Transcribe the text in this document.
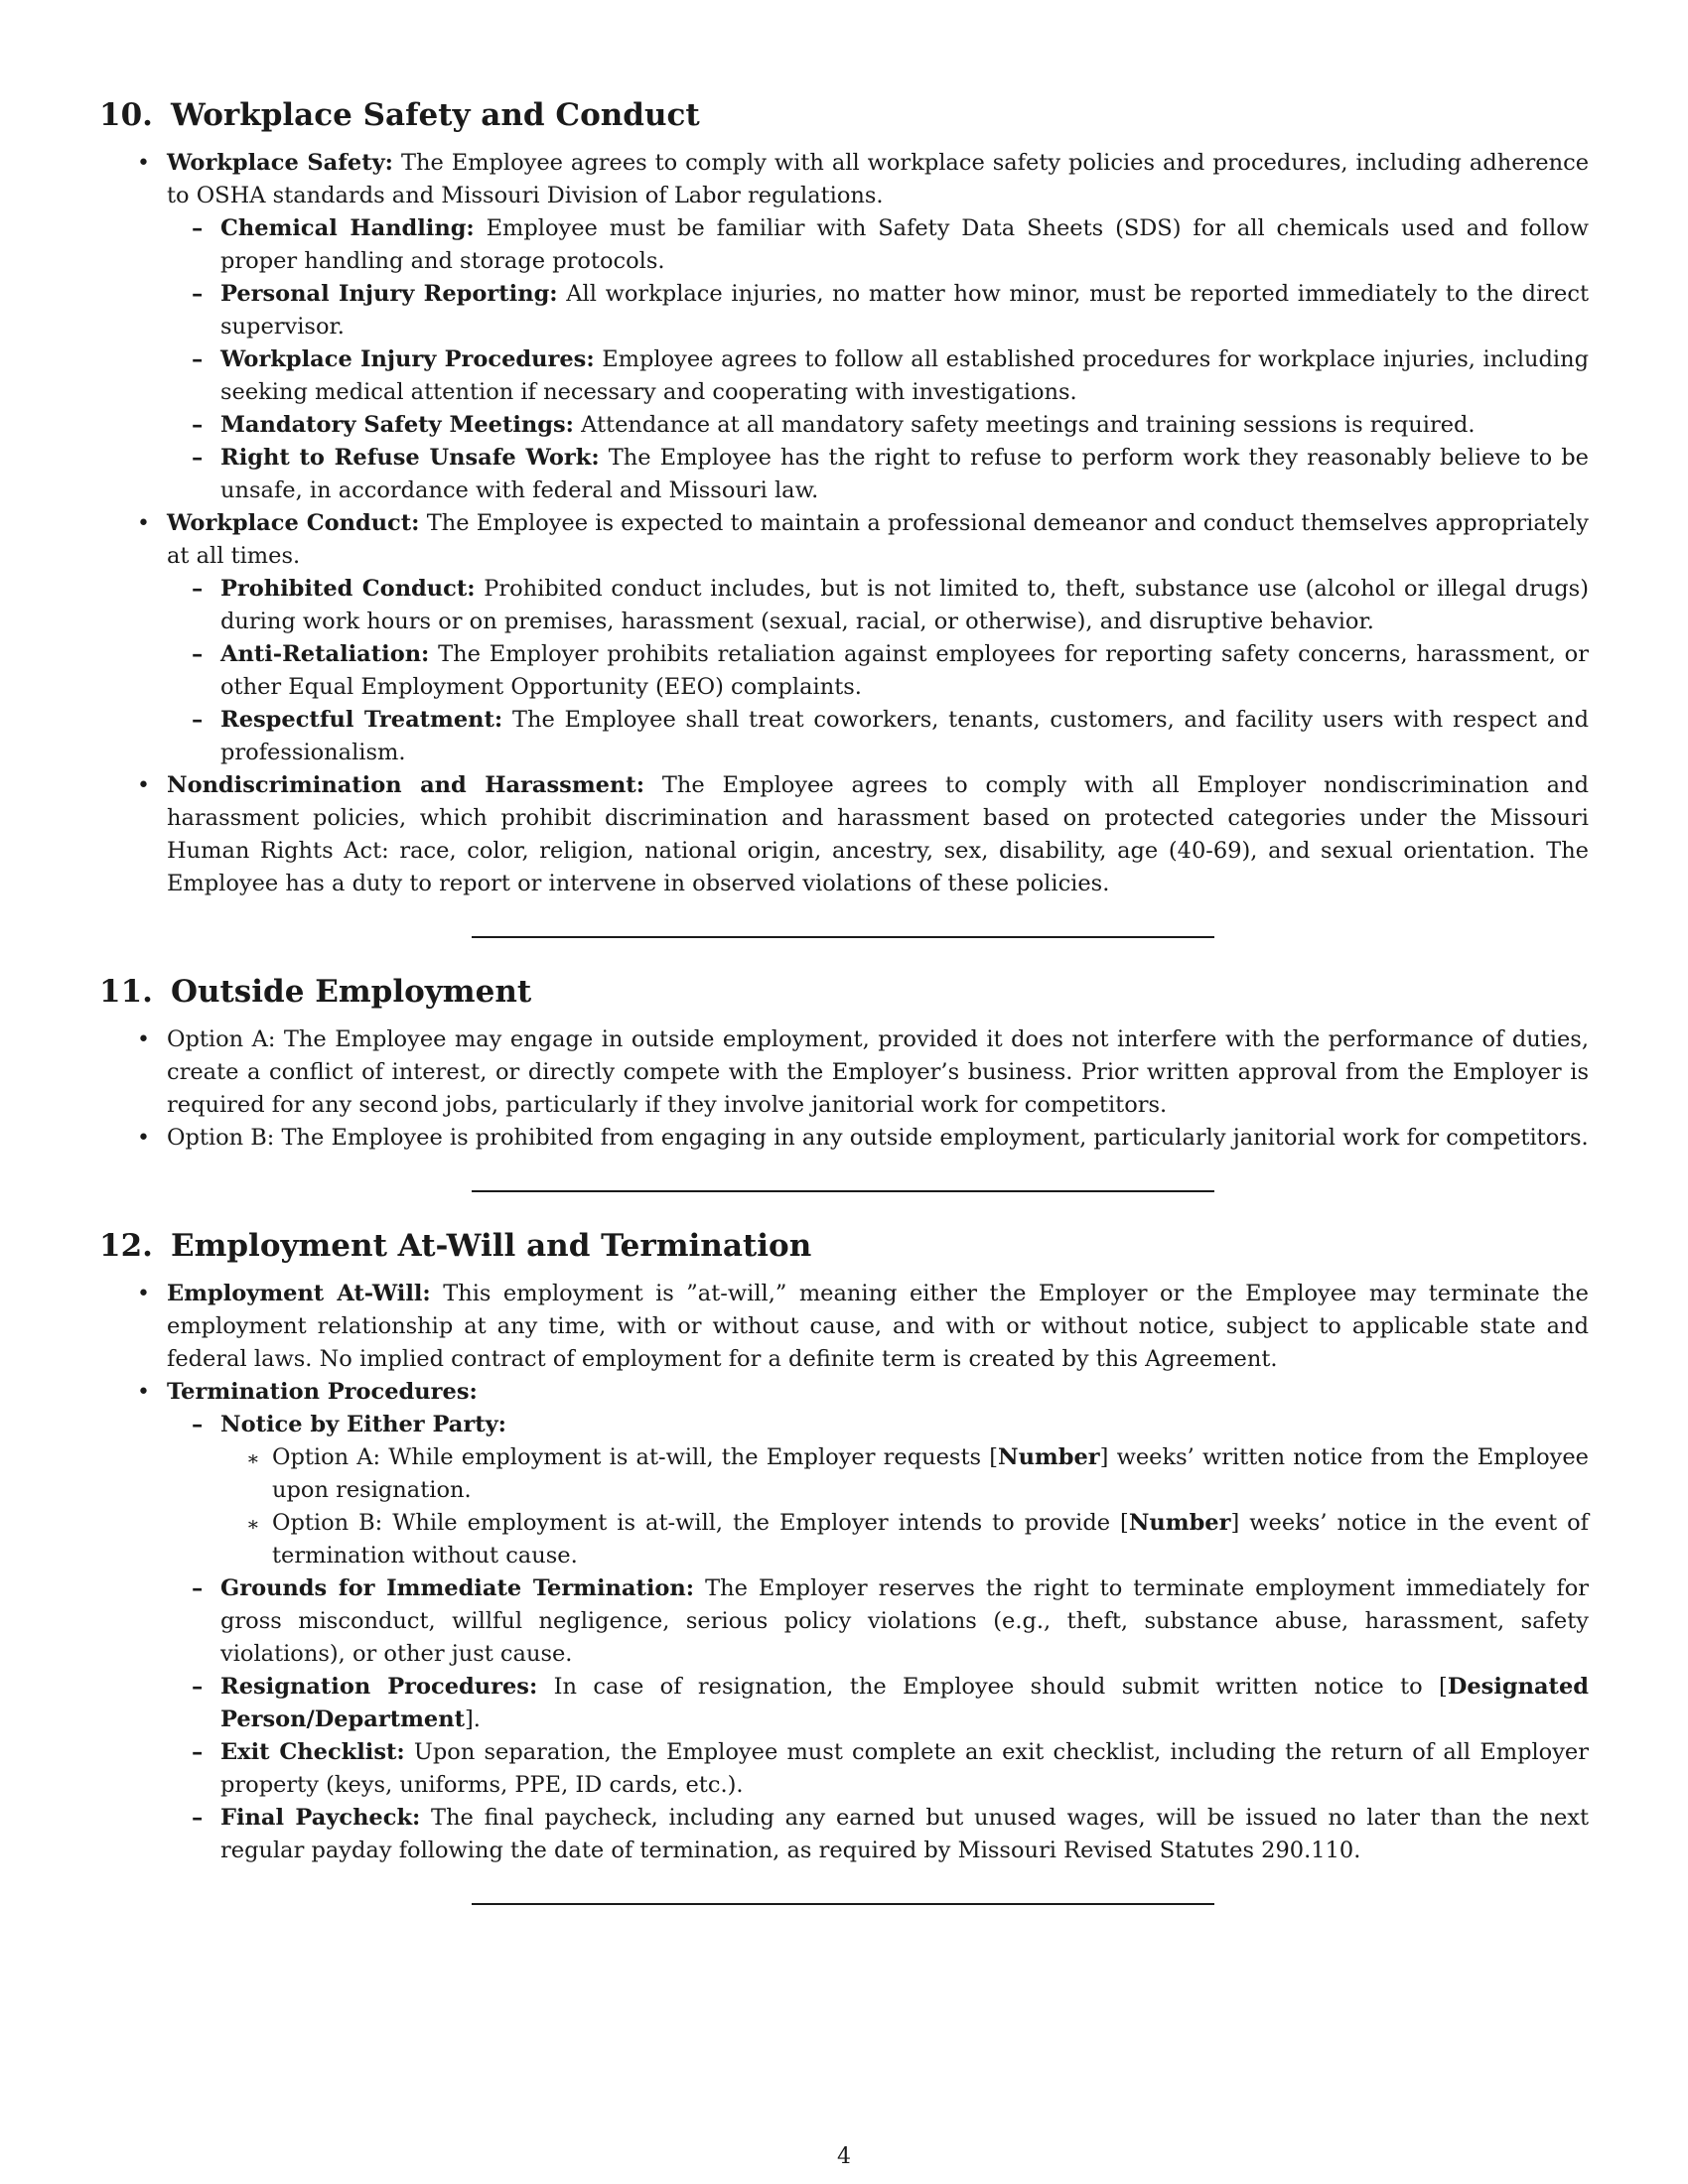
10. Workplace Safety and Conduct
• Workplace Safety: The Employee agrees to comply with all workplace safety policies and procedures, including adherence to OSHA standards and Missouri Division of Labor regulations.
– Chemical Handling: Employee must be familiar with Safety Data Sheets (SDS) for all chemicals used and follow proper handling and storage protocols.
– Personal Injury Reporting: All workplace injuries, no matter how minor, must be reported immediately to the direct supervisor.
– Workplace Injury Procedures: Employee agrees to follow all established procedures for workplace injuries, including seeking medical attention if necessary and cooperating with investigations.
– Mandatory Safety Meetings: Attendance at all mandatory safety meetings and training sessions is required.
– Right to Refuse Unsafe Work: The Employee has the right to refuse to perform work they reasonably believe to be unsafe, in accordance with federal and Missouri law.
• Workplace Conduct: The Employee is expected to maintain a professional demeanor and conduct themselves appropriately at all times.
– Prohibited Conduct: Prohibited conduct includes, but is not limited to, theft, substance use (alcohol or illegal drugs) during work hours or on premises, harassment (sexual, racial, or otherwise), and disruptive behavior.
– Anti-Retaliation: The Employer prohibits retaliation against employees for reporting safety concerns, harassment, or other Equal Employment Opportunity (EEO) complaints.
– Respectful Treatment: The Employee shall treat coworkers, tenants, customers, and facility users with respect and professionalism.
• Nondiscrimination and Harassment: The Employee agrees to comply with all Employer nondiscrimination and harassment policies, which prohibit discrimination and harassment based on protected categories under the Missouri Human Rights Act: race, color, religion, national origin, ancestry, sex, disability, age (40-69), and sexual orientation. The Employee has a duty to report or intervene in observed violations of these policies.
11. Outside Employment
• Option A: The Employee may engage in outside employment, provided it does not interfere with the performance of duties, create a conflict of interest, or directly compete with the Employer’s business. Prior written approval from the Employer is required for any second jobs, particularly if they involve janitorial work for competitors.
• Option B: The Employee is prohibited from engaging in any outside employment, particularly janitorial work for competitors.
12. Employment At-Will and Termination
• Employment At-Will: This employment is ”at-will,” meaning either the Employer or the Employee may terminate the employment relationship at any time, with or without cause, and with or without notice, subject to applicable state and federal laws. No implied contract of employment for a definite term is created by this Agreement.
• Termination Procedures:
– Notice by Either Party:
∗ Option A: While employment is at-will, the Employer requests [Number] weeks’ written notice from the Employee upon resignation.
∗ Option B: While employment is at-will, the Employer intends to provide [Number] weeks’ notice in the event of termination without cause.
– Grounds for Immediate Termination: The Employer reserves the right to terminate employment immediately for gross misconduct, willful negligence, serious policy violations (e.g., theft, substance abuse, harassment, safety violations), or other just cause.
– Resignation Procedures: In case of resignation, the Employee should submit written notice to [Designated Person/Department].
– Exit Checklist: Upon separation, the Employee must complete an exit checklist, including the return of all Employer property (keys, uniforms, PPE, ID cards, etc.).
– Final Paycheck: The final paycheck, including any earned but unused wages, will be issued no later than the next regular payday following the date of termination, as required by Missouri Revised Statutes 290.110.
4
